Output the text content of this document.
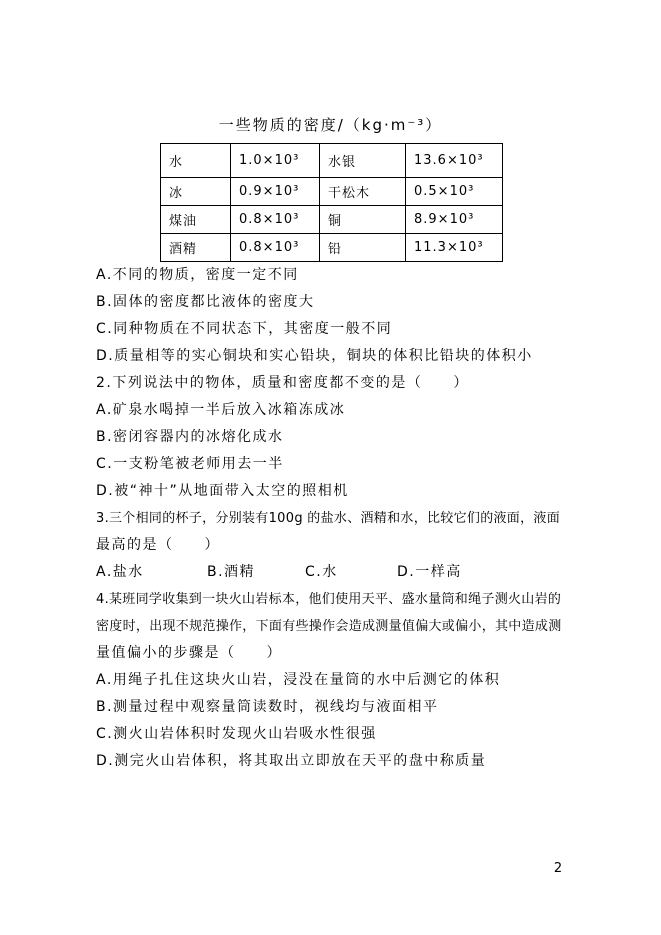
一些物质的密度/（kg·m⁻³）
水	1.0×10³	水银	13.6×10³
冰	0.9×10³	干松木	0.5×10³
煤油	0.8×10³	铜	8.9×10³
酒精	0.8×10³	铅	11.3×10³
A.不同的物质，密度一定不同
B.固体的密度都比液体的密度大
C.同种物质在不同状态下，其密度一般不同
D.质量相等的实心铜块和实心铅块，铜块的体积比铅块的体积小
2.下列说法中的物体，质量和密度都不变的是（　　）
A.矿泉水喝掉一半后放入冰箱冻成冰
B.密闭容器内的冰熔化成水
C.一支粉笔被老师用去一半
D.被“神十”从地面带入太空的照相机
3.三个相同的杯子，分别装有100g 的盐水、酒精和水，比较它们的液面，液面
最高的是（　　）
A.盐水	B.酒精	C.水	D.一样高
4.某班同学收集到一块火山岩标本，他们使用天平、盛水量筒和绳子测火山岩的
密度时，出现不规范操作，下面有些操作会造成测量值偏大或偏小，其中造成测
量值偏小的步骤是（　　）
A.用绳子扎住这块火山岩，浸没在量筒的水中后测它的体积
B.测量过程中观察量筒读数时，视线均与液面相平
C.测火山岩体积时发现火山岩吸水性很强
D.测完火山岩体积，将其取出立即放在天平的盘中称质量
2
